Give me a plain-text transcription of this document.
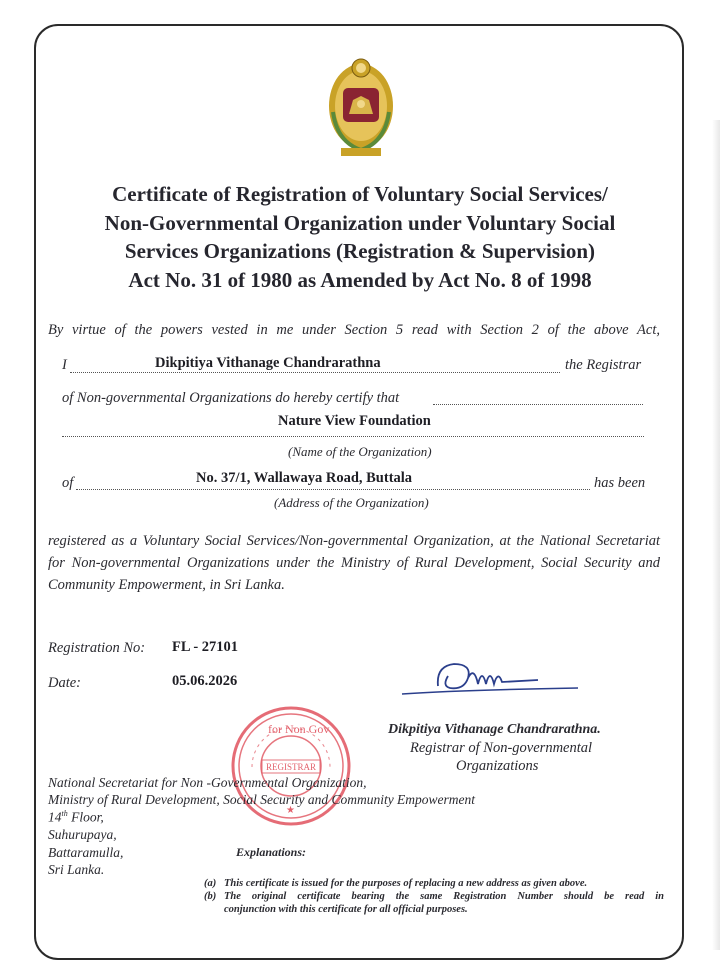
Certificate of Registration of Voluntary Social Services/
Non-Governmental Organization under Voluntary Social
Services Organizations (Registration & Supervision)
Act No. 31 of 1980 as Amended by Act No. 8 of 1998
By virtue of the powers vested in me under Section 5 read with Section 2 of the above Act,
I	Dikpitiya Vithanage Chandrarathna	the Registrar
of Non-governmental Organizations do hereby certify that
Nature View Foundation
(Name of the Organization)
of	No. 37/1, Wallawaya Road, Buttala	has been
(Address of the Organization)
registered as a Voluntary Social Services/Non-governmental Organization, at the National Secretariat for Non-governmental Organizations under the Ministry of Rural Development, Social Security and Community Empowerment, in Sri Lanka.
Registration No: FL - 27101
Date:	05.06.2026
Dikpitiya Vithanage Chandrarathna.
Registrar of Non-governmental
Organizations
for Non Gov
REGISTRAR
★
National Secretariat for Non -Governmental Organization,
Ministry of Rural Development, Social Security and Community Empowerment
14th Floor,
Suhurupaya,
Battaramulla,
Sri Lanka.
Explanations:
(a) This certificate is issued for the purposes of replacing a new address as given above.
(b) The original certificate bearing the same Registration Number should be read in
conjunction with this certificate for all official purposes.
